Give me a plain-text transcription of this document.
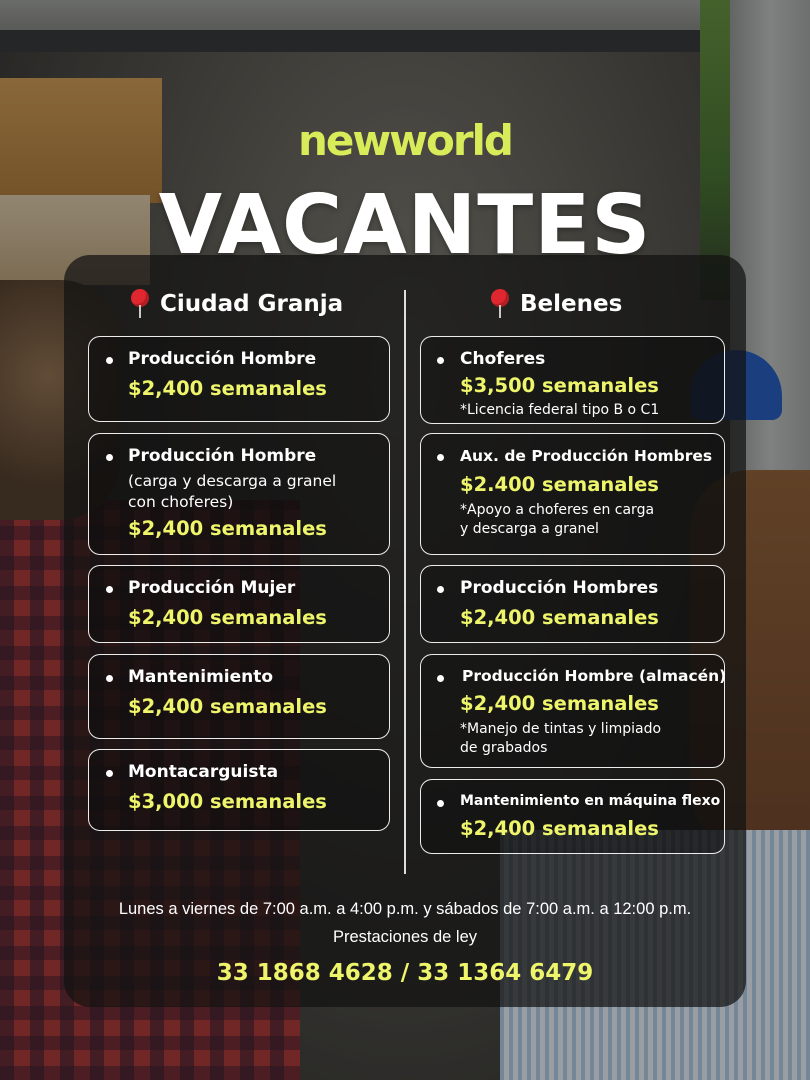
newworld
VACANTES
Ciudad Granja	Belenes
Producción Hombre
$2,400 semanales
Producción Hombre
(carga y descarga a granel
con choferes)
$2,400 semanales
Producción Mujer
$2,400 semanales
Mantenimiento
$2,400 semanales
Montacarguista
$3,000 semanales
Choferes
$3,500 semanales
*Licencia federal tipo B o C1
Aux. de Producción Hombres
$2.400 semanales
*Apoyo a choferes en carga
y descarga a granel
Producción Hombres
$2,400 semanales
Producción Hombre (almacén)
$2,400 semanales
*Manejo de tintas y limpiado
de grabados
Mantenimiento en máquina flexo
$2,400 semanales
Lunes a viernes de 7:00 a.m. a 4:00 p.m. y sábados de 7:00 a.m. a 12:00 p.m.
Prestaciones de ley
33 1868 4628 / 33 1364 6479
